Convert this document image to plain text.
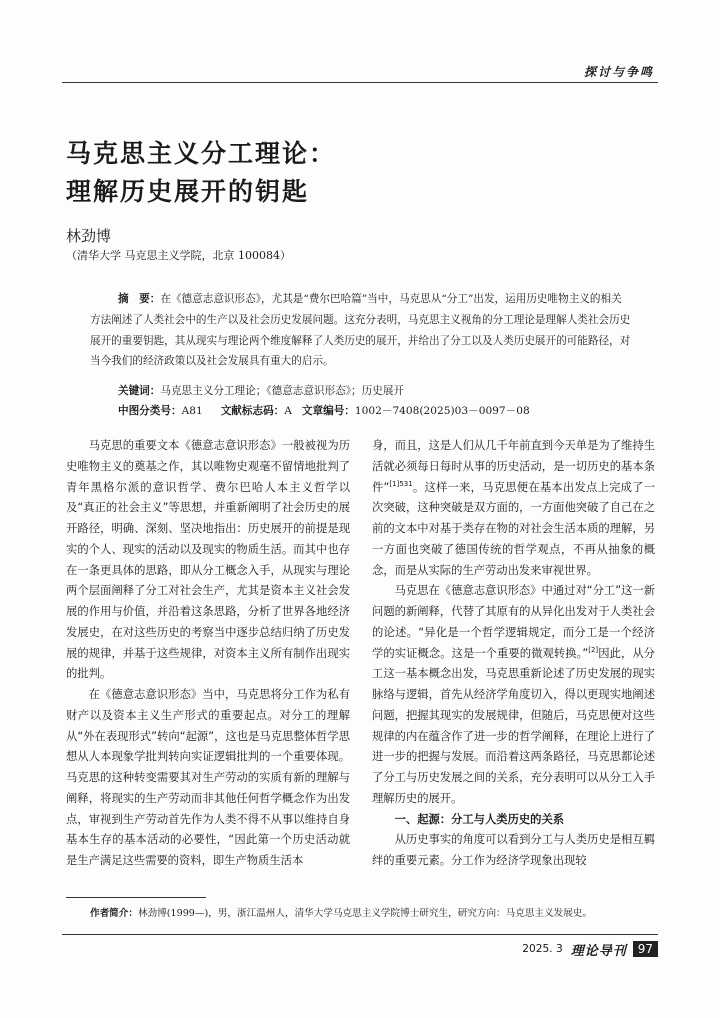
探讨与争鸣
马克思主义分工理论：
理解历史展开的钥匙
林劲博
（清华大学 马克思主义学院，北京 100084）
摘　要：在《德意志意识形态》，尤其是“费尔巴哈篇”当中，马克思从“分工”出发，运用历史唯物主义的相关方法阐述了人类社会中的生产以及社会历史发展问题。这充分表明，马克思主义视角的分工理论是理解人类社会历史展开的重要钥匙，其从现实与理论两个维度解释了人类历史的展开，并给出了分工以及人类历史展开的可能路径，对当今我们的经济政策以及社会发展具有重大的启示。
关键词：马克思主义分工理论；《德意志意识形态》；历史展开
中图分类号：A81 文献标志码：A 文章编号：1002－7408(2025)03－0097－08

马克思的重要文本《德意志意识形态》一般被视为历史唯物主义的奠基之作，其以唯物史观毫不留情地批判了青年黑格尔派的意识哲学、费尔巴哈人本主义哲学以及“真正的社会主义”等思想，并重新阐明了社会历史的展开路径，明确、深刻、坚决地指出：历史展开的前提是现实的个人、现实的活动以及现实的物质生活。而其中也存在一条更具体的思路，即从分工概念入手，从现实与理论两个层面阐释了分工对社会生产，尤其是资本主义社会发展的作用与价值，并沿着这条思路，分析了世界各地经济发展史，在对这些历史的考察当中逐步总结归纳了历史发展的规律，并基于这些规律，对资本主义所有制作出现实的批判。

在《德意志意识形态》当中，马克思将分工作为私有财产以及资本主义生产形式的重要起点。对分工的理解从“外在表现形式”转向“起源”，这也是马克思整体哲学思想从人本现象学批判转向实证逻辑批判的一个重要体现。马克思的这种转变需要其对生产劳动的实质有新的理解与阐释，将现实的生产劳动而非其他任何哲学概念作为出发点，审视到生产劳动首先作为人类不得不从事以维持自身基本生存的基本活动的必要性，“因此第一个历史活动就是生产满足这些需要的资料，即生产物质生活本

身，而且，这是人们从几千年前直到今天单是为了维持生活就必须每日每时从事的历史活动，是一切历史的基本条件”$^{[1]531}$。这样一来，马克思便在基本出发点上完成了一次突破，这种突破是双方面的，一方面他突破了自己在之前的文本中对基于类存在物的对社会生活本质的理解，另一方面也突破了德国传统的哲学观点，不再从抽象的概念，而是从实际的生产劳动出发来审视世界。

马克思在《德意志意识形态》中通过对“分工”这一新问题的新阐释，代替了其原有的从异化出发对于人类社会的论述。“异化是一个哲学逻辑规定，而分工是一个经济学的实证概念。这是一个重要的微观转换。”[2]因此，从分工这一基本概念出发，马克思重新论述了历史发展的现实脉络与逻辑，首先从经济学角度切入，得以更现实地阐述问题，把握其现实的发展规律，但随后，马克思便对这些规律的内在蕴含作了进一步的哲学阐释，在理论上进行了进一步的把握与发展。而沿着这两条路径，马克思都论述了分工与历史发展之间的关系，充分表明可以从分工入手理解历史的展开。

一、起源：分工与人类历史的关系

从历史事实的角度可以看到分工与人类历史是相互羁绊的重要元素。分工作为经济学现象出现较

作者简介：林劲博(1999—)，男，浙江温州人，清华大学马克思主义学院博士研究生，研究方向：马克思主义发展史。
2025. 3 理论导刊 97
